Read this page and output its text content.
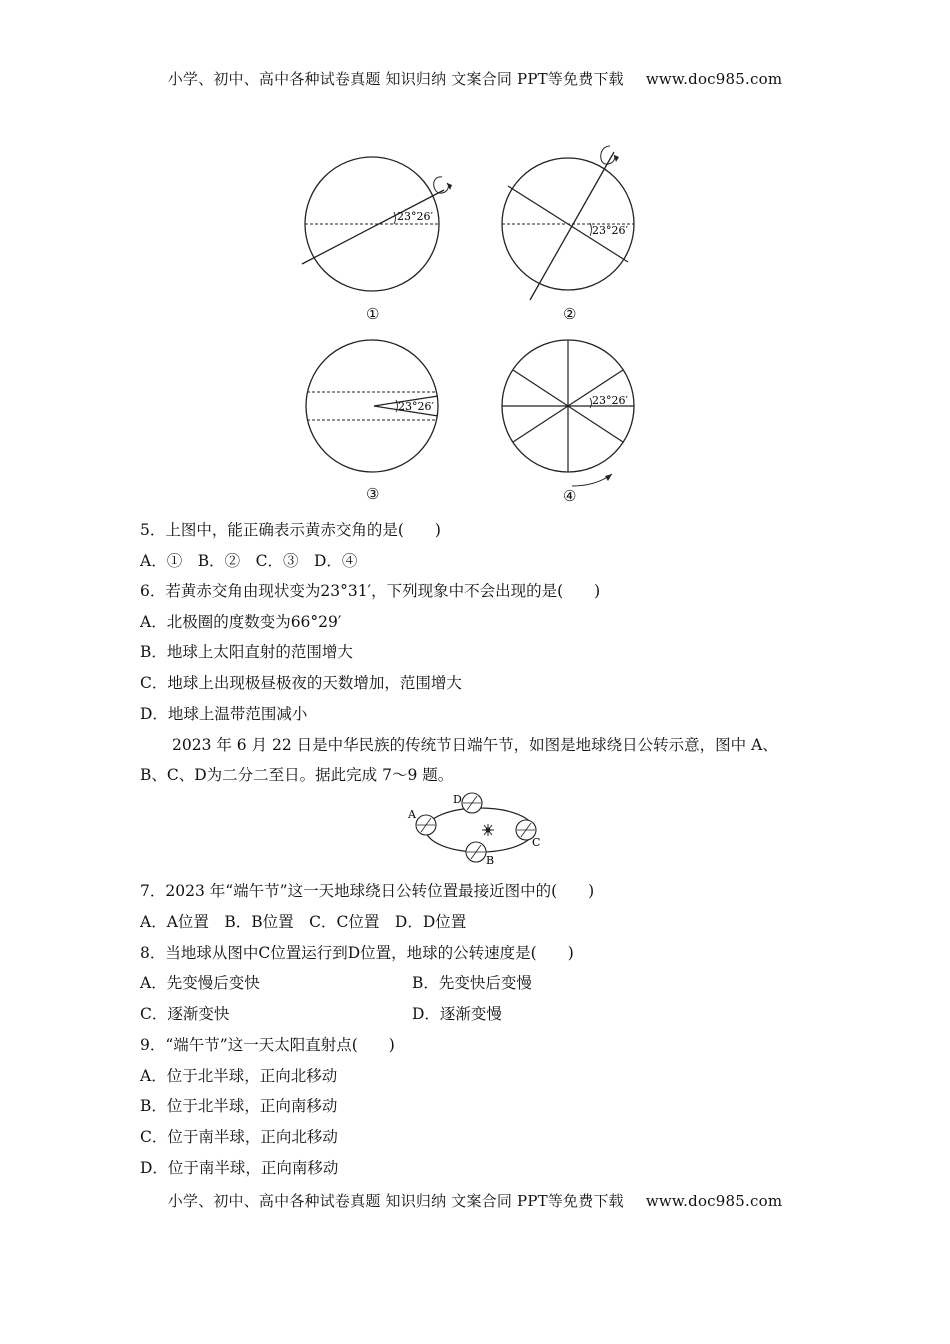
小学、初中、高中各种试卷真题 知识归纳 文案合同 PPT等免费下载 www.doc985.com
23°26′
①
23°26′
②
23°26′
③
23°26′
④
5．上图中，能正确表示黄赤交角的是(　　)
A．①　B．②　C．③　D．④
6．若黄赤交角由现状变为23°31′，下列现象中不会出现的是(　　)
A．北极圈的度数变为66°29′
B．地球上太阳直射的范围增大
C．地球上出现极昼极夜的天数增加，范围增大
D．地球上温带范围减小
2023 年 6 月 22 日是中华民族的传统节日端午节，如图是地球绕日公转示意，图中 A、
B、C、D为二分二至日。据此完成 7～9 题。
A
D
C
B
7．2023 年“端午节”这一天地球绕日公转位置最接近图中的(　　)
A．A位置　B．B位置　C．C位置　D．D位置
8．当地球从图中C位置运行到D位置，地球的公转速度是(　　)
A．先变慢后变快	B．先变快后变慢
C．逐渐变快	D．逐渐变慢
9．“端午节”这一天太阳直射点(　　)
A．位于北半球，正向北移动
B．位于北半球，正向南移动
C．位于南半球，正向北移动
D．位于南半球，正向南移动
小学、初中、高中各种试卷真题 知识归纳 文案合同 PPT等免费下载 www.doc985.com
